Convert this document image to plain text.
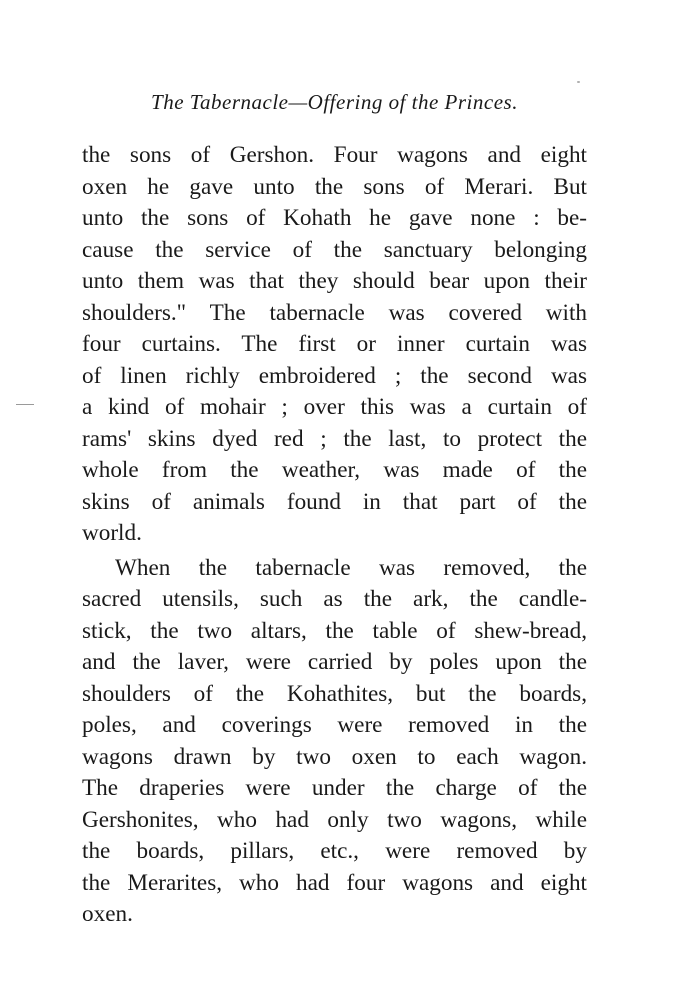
The Tabernacle—Offering of the Princes.
the sons of Gershon. Four wagons and eight
oxen he gave unto the sons of Merari. But
unto the sons of Kohath he gave none : be-
cause the service of the sanctuary belonging
unto them was that they should bear upon their
shoulders." The tabernacle was covered with
four curtains. The first or inner curtain was
of linen richly embroidered ; the second was
a kind of mohair ; over this was a curtain of
rams' skins dyed red ; the last, to protect the
whole from the weather, was made of the
skins of animals found in that part of the
world.
When the tabernacle was removed, the
sacred utensils, such as the ark, the candle-
stick, the two altars, the table of shew-bread,
and the laver, were carried by poles upon the
shoulders of the Kohathites, but the boards,
poles, and coverings were removed in the
wagons drawn by two oxen to each wagon.
The draperies were under the charge of the
Gershonites, who had only two wagons, while
the boards, pillars, etc., were removed by
the Merarites, who had four wagons and eight
oxen.
